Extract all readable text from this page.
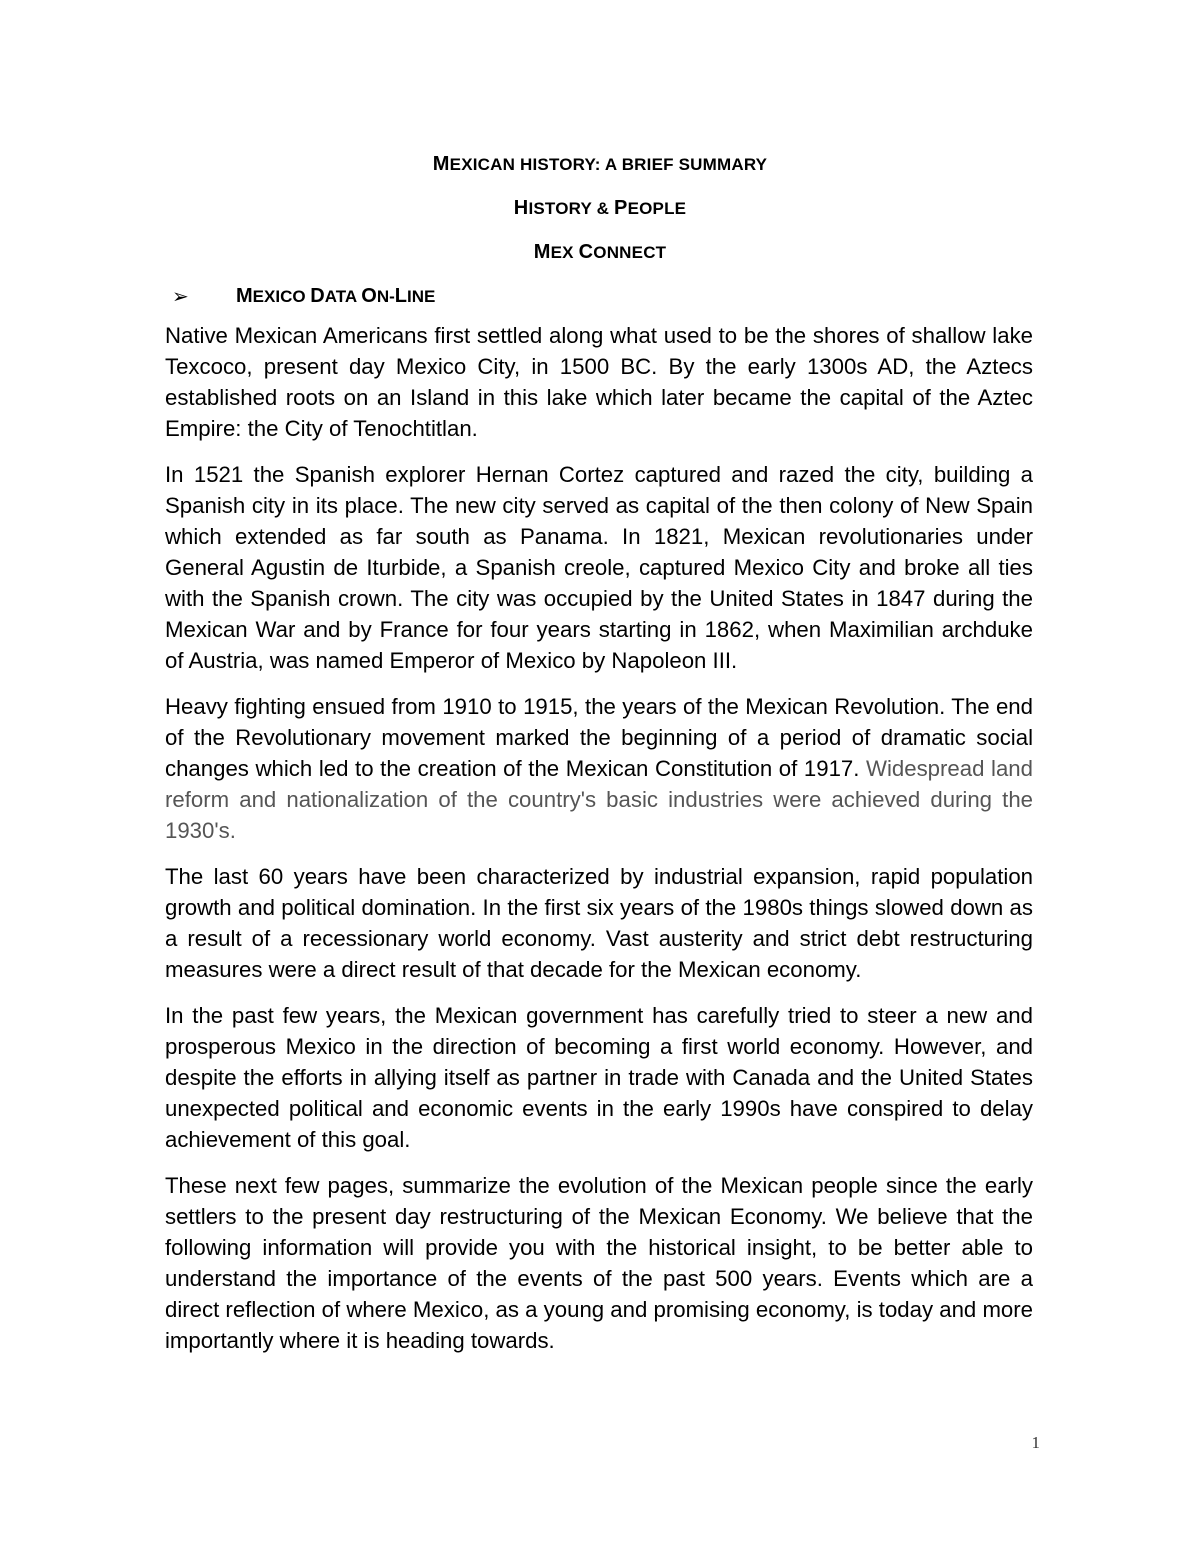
MEXICAN HISTORY: A BRIEF SUMMARY
HISTORY & PEOPLE
MEX CONNECT
➢	MEXICO DATA ON-LINE

Native Mexican Americans first settled along what used to be the shores of shallow lake Texcoco, present day Mexico City, in 1500 BC. By the early 1300s AD, the Aztecs established roots on an Island in this lake which later became the capital of the Aztec Empire: the City of Tenochtitlan.

In 1521 the Spanish explorer Hernan Cortez captured and razed the city, building a Spanish city in its place. The new city served as capital of the then colony of New Spain which extended as far south as Panama. In 1821, Mexican revolutionaries under General Agustin de Iturbide, a Spanish creole, captured Mexico City and broke all ties with the Spanish crown. The city was occupied by the United States in 1847 during the Mexican War and by France for four years starting in 1862, when Maximilian archduke of Austria, was named Emperor of Mexico by Napoleon III.

Heavy fighting ensued from 1910 to 1915, the years of the Mexican Revolution. The end of the Revolutionary movement marked the beginning of a period of dramatic social changes which led to the creation of the Mexican Constitution of 1917. Widespread land reform and nationalization of the country's basic industries were achieved during the 1930's.

The last 60 years have been characterized by industrial expansion, rapid population growth and political domination. In the first six years of the 1980s things slowed down as a result of a recessionary world economy. Vast austerity and strict debt restructuring measures were a direct result of that decade for the Mexican economy.

In the past few years, the Mexican government has carefully tried to steer a new and prosperous Mexico in the direction of becoming a first world economy. However, and despite the efforts in allying itself as partner in trade with Canada and the United States unexpected political and economic events in the early 1990s have conspired to delay achievement of this goal.

These next few pages, summarize the evolution of the Mexican people since the early settlers to the present day restructuring of the Mexican Economy. We believe that the following information will provide you with the historical insight, to be better able to understand the importance of the events of the past 500 years. Events which are a direct reflection of where Mexico, as a young and promising economy, is today and more importantly where it is heading towards.

1
